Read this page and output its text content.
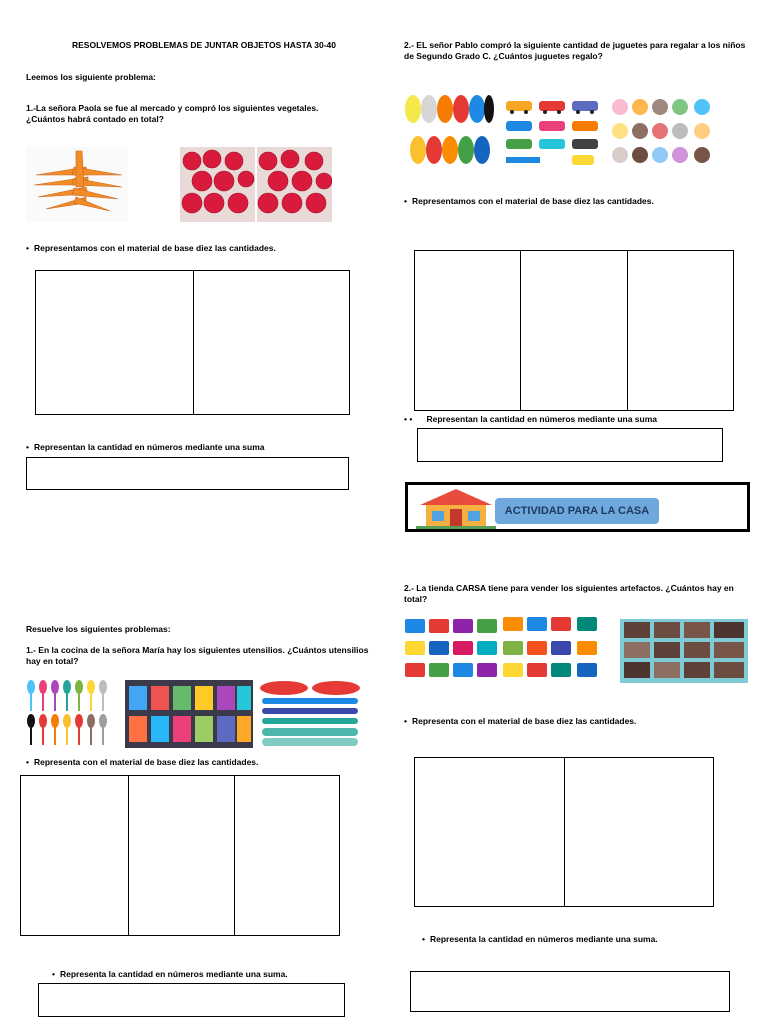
RESOLVEMOS PROBLEMAS DE JUNTAR OBJETOS HASTA 30-40
Leemos los siguiente problema:
1.-La señora Paola se fue al mercado y compró los siguientes vegetales. ¿Cuántos habrá contado en total?
• Representamos con el material de base diez las cantidades.
• Representan la cantidad en números mediante una suma
2.- EL señor Pablo compró la siguiente cantidad de juguetes para regalar a los niños de Segundo Grado C. ¿Cuántos juguetes regalo?
• Representamos con el material de base diez las cantidades.
• •      Representan la cantidad en números mediante una suma
ACTIVIDAD PARA LA CASA
Resuelve los siguientes problemas:
1.- En la cocina de la señora María hay los siguientes utensilios. ¿Cuántos utensilios hay en total?
• Representa con el material de base diez las cantidades.
• Representa la cantidad en números mediante una suma.
2.- La tienda CARSA tiene para vender los siguientes artefactos. ¿Cuántos hay en total?
• Representa con el material de base diez las cantidades.
• Representa la cantidad en números mediante una suma.
